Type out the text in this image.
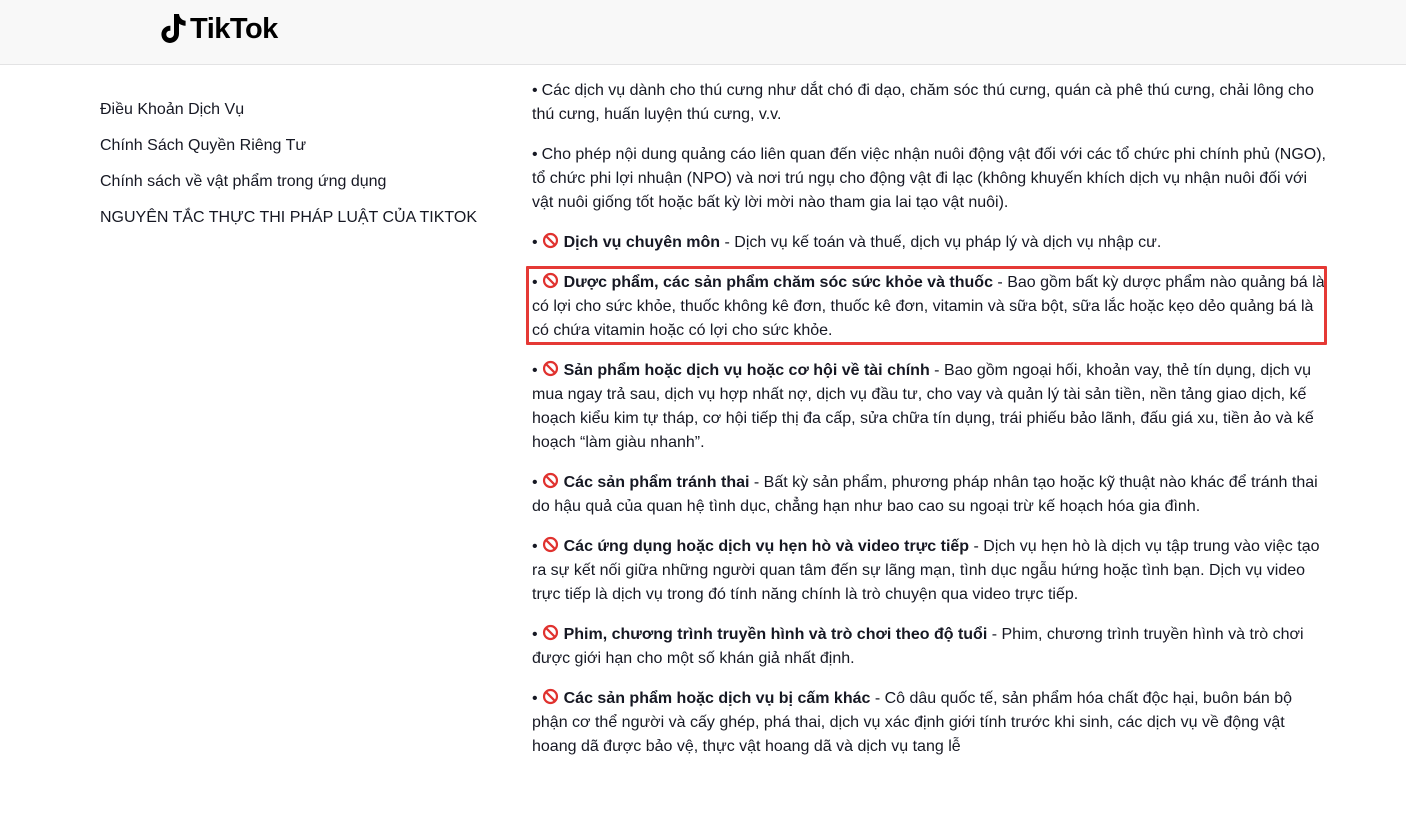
TikTok
Điều Khoản Dịch Vụ
Chính Sách Quyền Riêng Tư
Chính sách về vật phẩm trong ứng dụng
NGUYÊN TẮC THỰC THI PHÁP LUẬT CỦA TIKTOK

• Các dịch vụ dành cho thú cưng như dắt chó đi dạo, chăm sóc thú cưng, quán cà phê thú cưng, chải lông cho thú cưng, huấn luyện thú cưng, v.v.

• Cho phép nội dung quảng cáo liên quan đến việc nhận nuôi động vật đối với các tổ chức phi chính phủ (NGO), tổ chức phi lợi nhuận (NPO) và nơi trú ngụ cho động vật đi lạc (không khuyến khích dịch vụ nhận nuôi đối với vật nuôi giống tốt hoặc bất kỳ lời mời nào tham gia lai tạo vật nuôi).

• Dịch vụ chuyên môn - Dịch vụ kế toán và thuế, dịch vụ pháp lý và dịch vụ nhập cư.

• Dược phẩm, các sản phẩm chăm sóc sức khỏe và thuốc - Bao gồm bất kỳ dược phẩm nào quảng bá là có lợi cho sức khỏe, thuốc không kê đơn, thuốc kê đơn, vitamin và sữa bột, sữa lắc hoặc kẹo dẻo quảng bá là có chứa vitamin hoặc có lợi cho sức khỏe.

• Sản phẩm hoặc dịch vụ hoặc cơ hội về tài chính - Bao gồm ngoại hối, khoản vay, thẻ tín dụng, dịch vụ mua ngay trả sau, dịch vụ hợp nhất nợ, dịch vụ đầu tư, cho vay và quản lý tài sản tiền, nền tảng giao dịch, kế hoạch kiểu kim tự tháp, cơ hội tiếp thị đa cấp, sửa chữa tín dụng, trái phiếu bảo lãnh, đấu giá xu, tiền ảo và kế hoạch “làm giàu nhanh”.

• Các sản phẩm tránh thai - Bất kỳ sản phẩm, phương pháp nhân tạo hoặc kỹ thuật nào khác để tránh thai do hậu quả của quan hệ tình dục, chẳng hạn như bao cao su ngoại trừ kế hoạch hóa gia đình.

• Các ứng dụng hoặc dịch vụ hẹn hò và video trực tiếp - Dịch vụ hẹn hò là dịch vụ tập trung vào việc tạo ra sự kết nối giữa những người quan tâm đến sự lãng mạn, tình dục ngẫu hứng hoặc tình bạn. Dịch vụ video trực tiếp là dịch vụ trong đó tính năng chính là trò chuyện qua video trực tiếp.

• Phim, chương trình truyền hình và trò chơi theo độ tuổi - Phim, chương trình truyền hình và trò chơi được giới hạn cho một số khán giả nhất định.

• Các sản phẩm hoặc dịch vụ bị cấm khác - Cô dâu quốc tế, sản phẩm hóa chất độc hại, buôn bán bộ phận cơ thể người và cấy ghép, phá thai, dịch vụ xác định giới tính trước khi sinh, các dịch vụ về động vật hoang dã được bảo vệ, thực vật hoang dã và dịch vụ tang lễ
